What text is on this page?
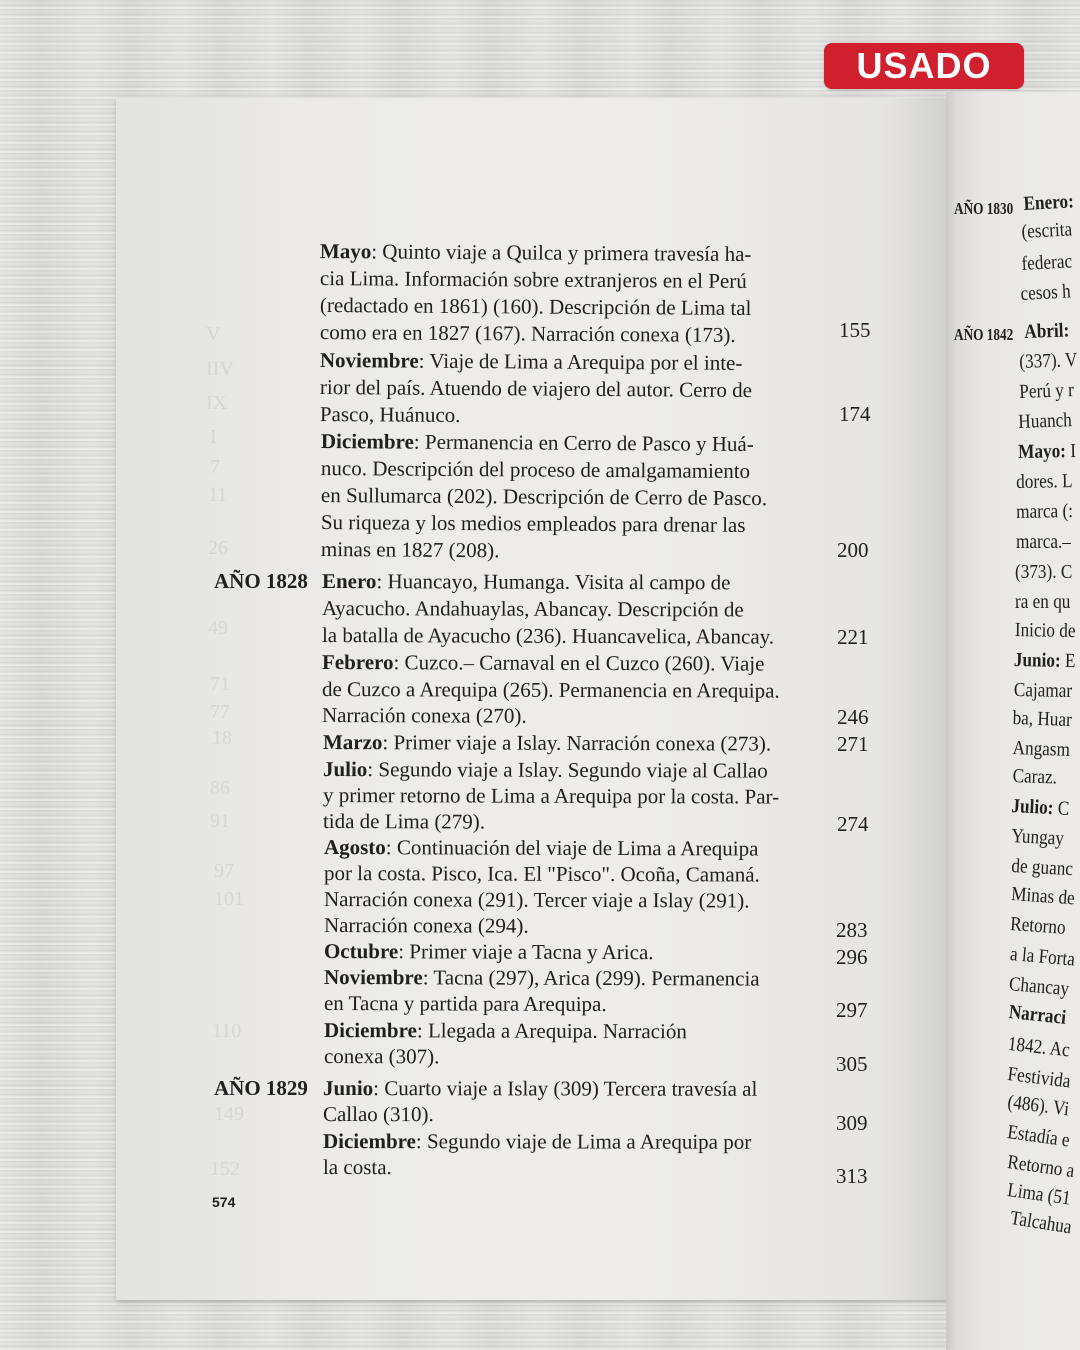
USADO
Mayo: Quinto viaje a Quilca y primera travesía ha-
cia Lima. Información sobre extranjeros en el Perú
(redactado en 1861) (160). Descripción de Lima tal
como era en 1827 (167). Narración conexa (173).
Noviembre: Viaje de Lima a Arequipa por el inte-
rior del país. Atuendo de viajero del autor. Cerro de
Pasco, Huánuco.
Diciembre: Permanencia en Cerro de Pasco y Huá-
nuco. Descripción del proceso de amalgamamiento
en Sullumarca (202). Descripción de Cerro de Pasco.
Su riqueza y los medios empleados para drenar las
minas en 1827 (208).
Enero: Huancayo, Humanga. Visita al campo de
Ayacucho. Andahuaylas, Abancay. Descripción de
la batalla de Ayacucho (236). Huancavelica, Abancay.
Febrero: Cuzco.– Carnaval en el Cuzco (260). Viaje
de Cuzco a Arequipa (265). Permanencia en Arequipa.
Narración conexa (270).
Marzo: Primer viaje a Islay. Narración conexa (273).
Julio: Segundo viaje a Islay. Segundo viaje al Callao
y primer retorno de Lima a Arequipa por la costa. Par-
tida de Lima (279).
Agosto: Continuación del viaje de Lima a Arequipa
por la costa. Pisco, Ica. El "Pisco". Ocoña, Camaná.
Narración conexa (291). Tercer viaje a Islay (291).
Narración conexa (294).
Octubre: Primer viaje a Tacna y Arica.
Noviembre: Tacna (297), Arica (299). Permanencia
en Tacna y partida para Arequipa.
Diciembre: Llegada a Arequipa. Narración
conexa (307).
Junio: Cuarto viaje a Islay (309) Tercera travesía al
Callao (310).
Diciembre: Segundo viaje de Lima a Arequipa por
la costa.
AÑO 1828
AÑO 1829
155
174
200
221
246
271
274
283
296
297
305
309
313
V
IIV
IX
I
7
11
26
49
71
77
18
86
91
97
101
110
149
152
AÑO 1830
AÑO 1842
Enero:
(escrita
federac
cesos h
Abril:
(337). V
Perú y r
Huanch
Mayo: I
dores. L
marca (:
marca.–
(373). C
ra en qu
Inicio de
Junio: E
Cajamar
ba, Huar
Angasm
Caraz.
Julio: C
Yungay
de guanc
Minas de
Retorno
a la Forta
Chancay
Narraci
1842. Ac
Festivida
(486). Vi
Estadía e
Retorno a
Lima (51
Talcahua
574
